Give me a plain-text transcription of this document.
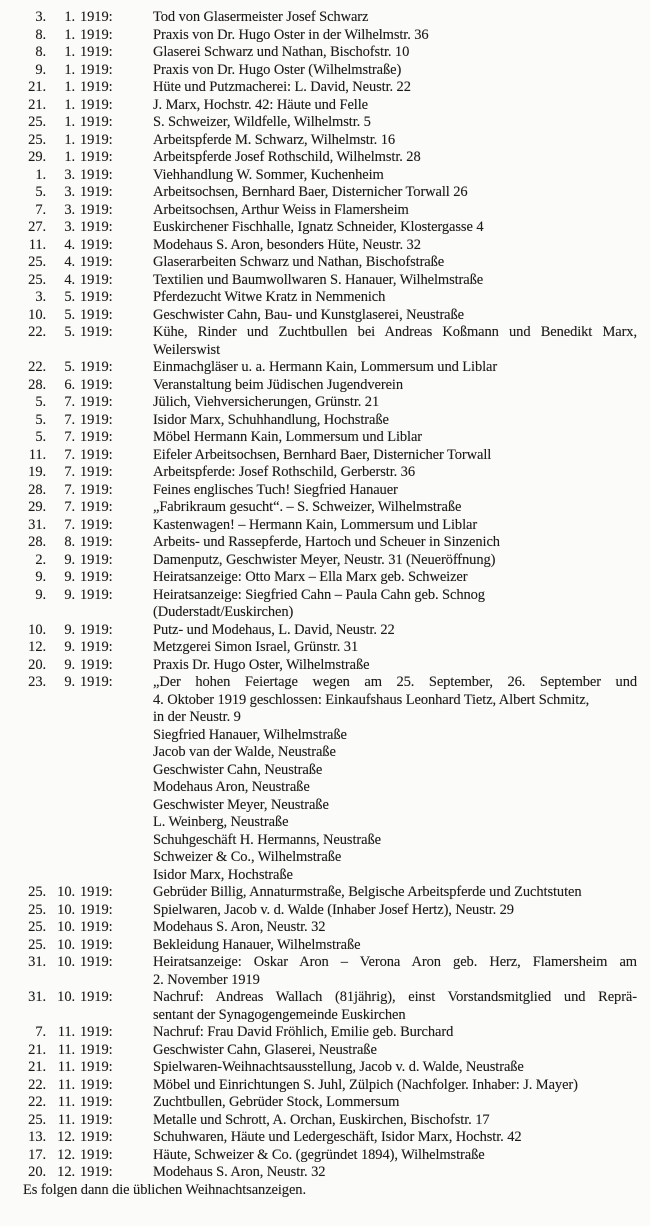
3.	1. 1919:	Tod von Glasermeister Josef Schwarz
8.	1. 1919:	Praxis von Dr. Hugo Oster in der Wilhelmstr. 36
8.	1. 1919:	Glaserei Schwarz und Nathan, Bischofstr. 10
9.	1. 1919:	Praxis von Dr. Hugo Oster (Wilhelmstraße)
21.	1. 1919:	Hüte und Putzmacherei: L. David, Neustr. 22
21.	1. 1919:	J. Marx, Hochstr. 42: Häute und Felle
25.	1. 1919:	S. Schweizer, Wildfelle, Wilhelmstr. 5
25.	1. 1919:	Arbeitspferde M. Schwarz, Wilhelmstr. 16
29.	1. 1919:	Arbeitspferde Josef Rothschild, Wilhelmstr. 28
1.	3. 1919:	Viehhandlung W. Sommer, Kuchenheim
5.	3. 1919:	Arbeitsochsen, Bernhard Baer, Disternicher Torwall 26
7.	3. 1919:	Arbeitsochsen, Arthur Weiss in Flamersheim
27.	3. 1919:	Euskirchener Fischhalle, Ignatz Schneider, Klostergasse 4
11.	4. 1919:	Modehaus S. Aron, besonders Hüte, Neustr. 32
25.	4. 1919:	Glaserarbeiten Schwarz und Nathan, Bischofstraße
25.	4. 1919:	Textilien und Baumwollwaren S. Hanauer, Wilhelmstraße
3.	5. 1919:	Pferdezucht Witwe Kratz in Nemmenich
10.	5. 1919:	Geschwister Cahn, Bau- und Kunstglaserei, Neustraße
22.	5. 1919:	Kühe, Rinder und Zuchtbullen bei Andreas Koßmann und Benedikt Marx,
Weilerswist
22.	5. 1919:	Einmachgläser u. a. Hermann Kain, Lommersum und Liblar
28.	6. 1919:	Veranstaltung beim Jüdischen Jugendverein
5.	7. 1919:	Jülich, Viehversicherungen, Grünstr. 21
5.	7. 1919:	Isidor Marx, Schuhhandlung, Hochstraße
5.	7. 1919:	Möbel Hermann Kain, Lommersum und Liblar
11.	7. 1919:	Eifeler Arbeitsochsen, Bernhard Baer, Disternicher Torwall
19.	7. 1919:	Arbeitspferde: Josef Rothschild, Gerberstr. 36
28.	7. 1919:	Feines englisches Tuch! Siegfried Hanauer
29.	7. 1919:	„Fabrikraum gesucht“. – S. Schweizer, Wilhelmstraße
31.	7. 1919:	Kastenwagen! – Hermann Kain, Lommersum und Liblar
28.	8. 1919:	Arbeits- und Rassepferde, Hartoch und Scheuer in Sinzenich
2.	9. 1919:	Damenputz, Geschwister Meyer, Neustr. 31 (Neueröffnung)
9.	9. 1919:	Heiratsanzeige: Otto Marx – Ella Marx geb. Schweizer
9.	9. 1919:	Heiratsanzeige: Siegfried Cahn – Paula Cahn geb. Schnog
(Duderstadt/Euskirchen)
10.	9. 1919:	Putz- und Modehaus, L. David, Neustr. 22
12.	9. 1919:	Metzgerei Simon Israel, Grünstr. 31
20.	9. 1919:	Praxis Dr. Hugo Oster, Wilhelmstraße
23.	9. 1919:	„Der hohen Feiertage wegen am 25. September, 26. September und
4. Oktober 1919 geschlossen: Einkaufshaus Leonhard Tietz, Albert Schmitz,
in der Neustr. 9
Siegfried Hanauer, Wilhelmstraße
Jacob van der Walde, Neustraße
Geschwister Cahn, Neustraße
Modehaus Aron, Neustraße
Geschwister Meyer, Neustraße
L. Weinberg, Neustraße
Schuhgeschäft H. Hermanns, Neustraße
Schweizer & Co., Wilhelmstraße
Isidor Marx, Hochstraße
25. 10. 1919:	Gebrüder Billig, Annaturmstraße, Belgische Arbeitspferde und Zuchtstuten
25. 10. 1919:	Spielwaren, Jacob v. d. Walde (Inhaber Josef Hertz), Neustr. 29
25. 10. 1919:	Modehaus S. Aron, Neustr. 32
25. 10. 1919:	Bekleidung Hanauer, Wilhelmstraße
31. 10. 1919:	Heiratsanzeige: Oskar Aron – Verona Aron geb. Herz, Flamersheim am
2. November 1919
31. 10. 1919:	Nachruf: Andreas Wallach (81jährig), einst Vorstandsmitglied und Reprä-
sentant der Synagogengemeinde Euskirchen
7. 11. 1919:	Nachruf: Frau David Fröhlich, Emilie geb. Burchard
21. 11. 1919:	Geschwister Cahn, Glaserei, Neustraße
21. 11. 1919:	Spielwaren-Weihnachtsausstellung, Jacob v. d. Walde, Neustraße
22. 11. 1919:	Möbel und Einrichtungen S. Juhl, Zülpich (Nachfolger. Inhaber: J. Mayer)
22. 11. 1919:	Zuchtbullen, Gebrüder Stock, Lommersum
25. 11. 1919:	Metalle und Schrott, A. Orchan, Euskirchen, Bischofstr. 17
13. 12. 1919:	Schuhwaren, Häute und Ledergeschäft, Isidor Marx, Hochstr. 42
17. 12. 1919:	Häute, Schweizer & Co. (gegründet 1894), Wilhelmstraße
20. 12. 1919:	Modehaus S. Aron, Neustr. 32
Es folgen dann die üblichen Weihnachtsanzeigen.
